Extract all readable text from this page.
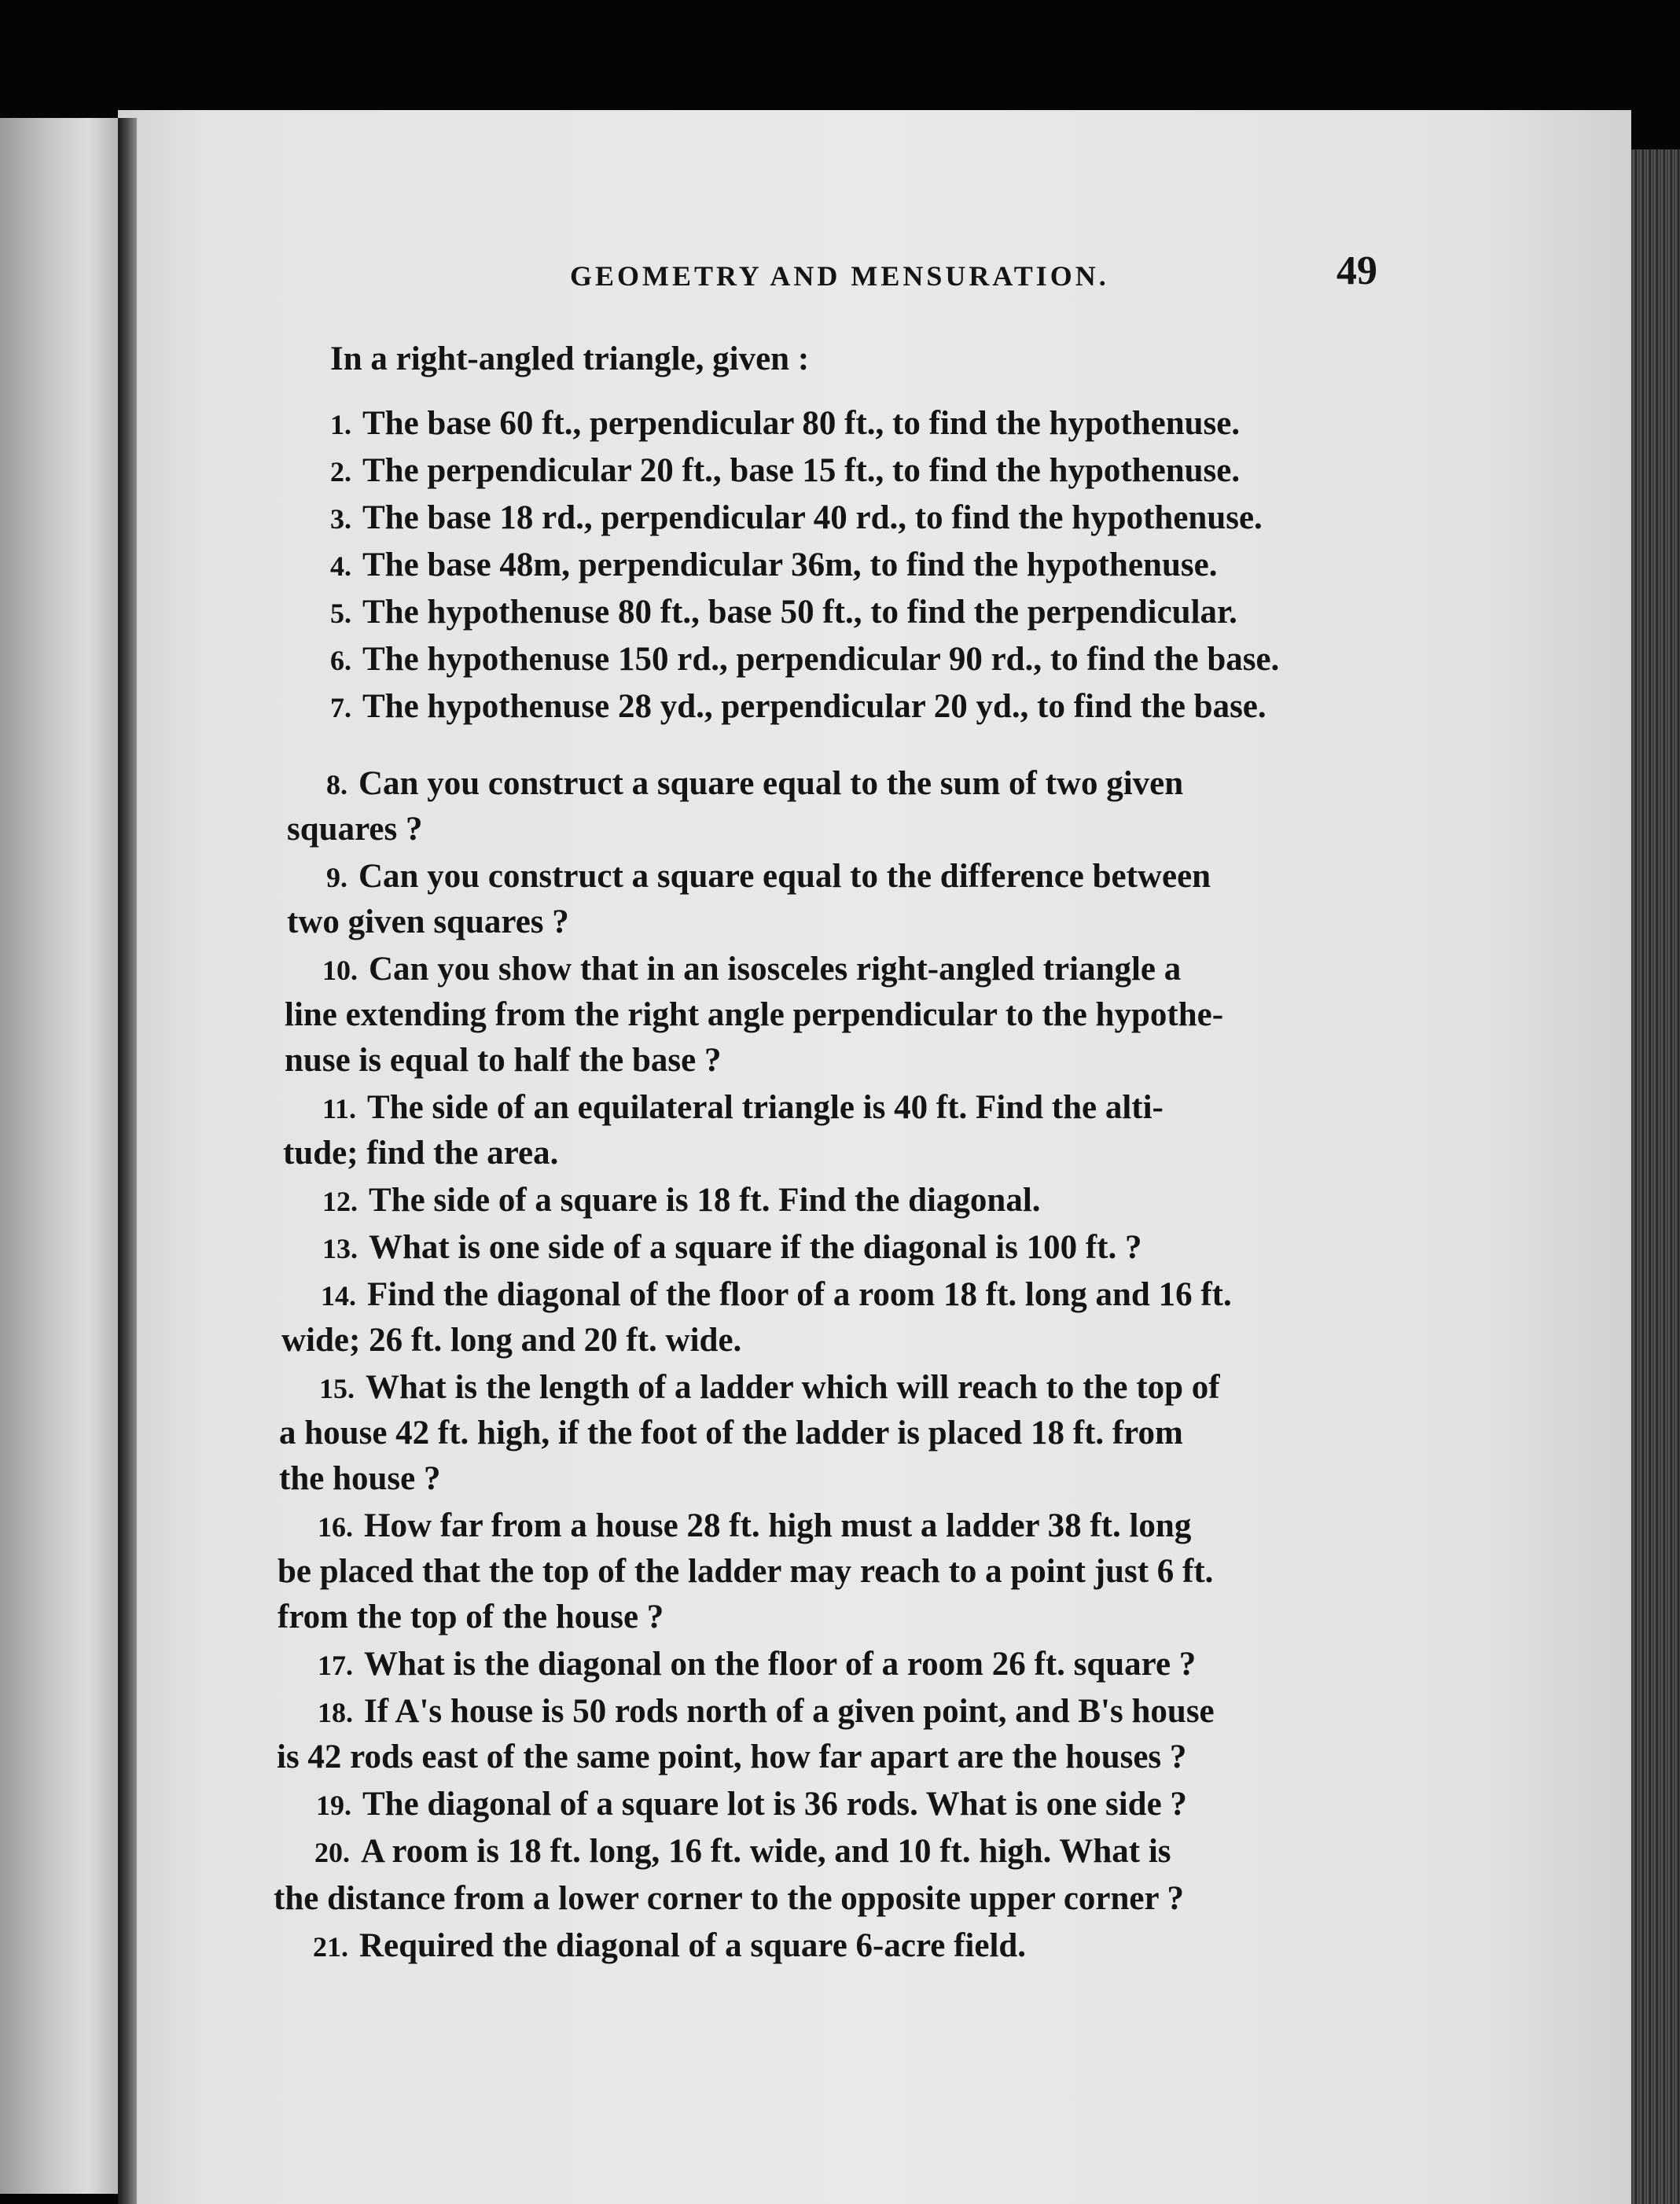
GEOMETRY AND MENSURATION.	49
In a right-angled triangle, given :
1. The base 60 ft., perpendicular 80 ft., to find the hypothenuse.
2. The perpendicular 20 ft., base 15 ft., to find the hypothenuse.
3. The base 18 rd., perpendicular 40 rd., to find the hypothenuse.
4. The base 48m, perpendicular 36m, to find the hypothenuse.
5. The hypothenuse 80 ft., base 50 ft., to find the perpendicular.
6. The hypothenuse 150 rd., perpendicular 90 rd., to find the base.
7. The hypothenuse 28 yd., perpendicular 20 yd., to find the base.
8. Can you construct a square equal to the sum of two given
squares ?
9. Can you construct a square equal to the difference between
two given squares ?
10. Can you show that in an isosceles right-angled triangle a
line extending from the right angle perpendicular to the hypothe-
nuse is equal to half the base ?
11. The side of an equilateral triangle is 40 ft. Find the alti-
tude; find the area.
12. The side of a square is 18 ft. Find the diagonal.
13. What is one side of a square if the diagonal is 100 ft. ?
14. Find the diagonal of the floor of a room 18 ft. long and 16 ft.
wide; 26 ft. long and 20 ft. wide.
15. What is the length of a ladder which will reach to the top of
a house 42 ft. high, if the foot of the ladder is placed 18 ft. from
the house ?
16. How far from a house 28 ft. high must a ladder 38 ft. long
be placed that the top of the ladder may reach to a point just 6 ft.
from the top of the house ?
17. What is the diagonal on the floor of a room 26 ft. square ?
18. If A's house is 50 rods north of a given point, and B's house
is 42 rods east of the same point, how far apart are the houses ?
19. The diagonal of a square lot is 36 rods. What is one side ?
20. A room is 18 ft. long, 16 ft. wide, and 10 ft. high. What is
the distance from a lower corner to the opposite upper corner ?
21. Required the diagonal of a square 6-acre field.
